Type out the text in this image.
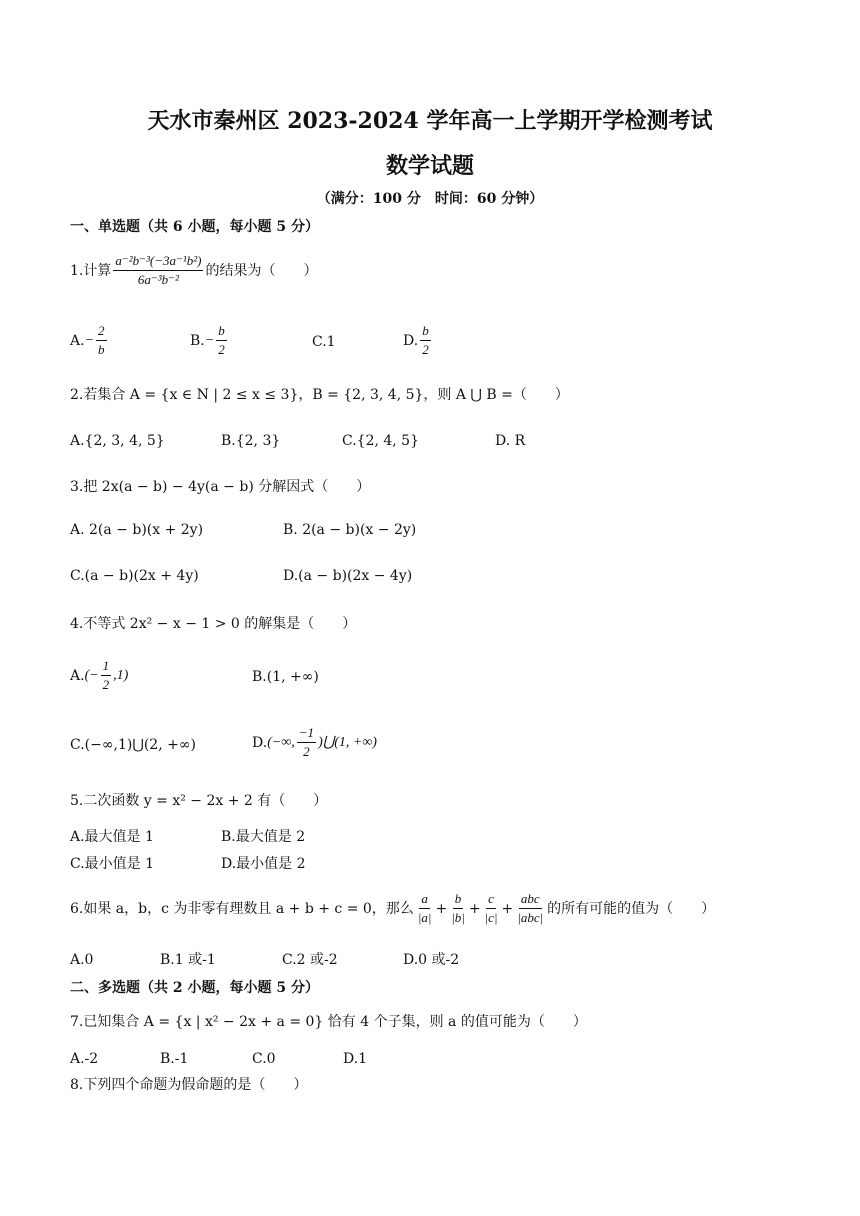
天水市秦州区 2023-2024 学年高一上学期开学检测考试
数学试题
（满分：100 分　时间：60 分钟）
一、单选题（共 6 小题，每小题 5 分）
1.计算 $\frac{\text{a⁻²b⁻³(−3a⁻¹b²)}}{\text{6a⁻³b⁻²}}$ 的结果为（　　）
A. − $\frac{2}{b}$	B. − $\frac{b}{2}$	C. 1	D. $\frac{b}{2}$
2.若集合 A = {x ∈ N | 2 ≤ x ≤ 3}，B = {2, 3, 4, 5}，则 A ⋃ B =（　　）
A.{2, 3, 4, 5}	B.{2, 3}	C.{2, 4, 5}	D. R
3.把 2x(a − b) − 4y(a − b) 分解因式（　　）
A. 2(a − b)(x + 2y)	B. 2(a − b)(x − 2y)
C.(a − b)(2x + 4y)	D.(a − b)(2x − 4y)
4.不等式 2x² − x − 1 > 0 的解集是（　　）
A. (− $\frac{1}{2} ,1$)	B.(1, +∞)
C.(−∞,1)⋃(2, +∞)	D. (−∞, $\frac{-1}{2}$ )⋃(1, +∞)
5.二次函数 y = x² − 2x + 2 有（　　）
A.最大值是 1	B.最大值是 2
C.最小值是 1	D.最小值是 2
6.如果 a，b，c 为非零有理数且 a + b + c = 0，那么 $\frac{a}{|a|} + \frac{b}{|b|} + \frac{c}{|c|} + \frac{\text{abc}}{\text{|abc|}}$ 的所有可能的值为（　　）
A.0	B.1 或-1	C.2 或-2	D.0 或-2
二、多选题（共 2 小题，每小题 5 分）
7.已知集合 A = {x | x² − 2x + a = 0} 恰有 4 个子集，则 a 的值可能为（　　）
A.-2	B.-1	C.0	D.1
8.下列四个命题为假命题的是（　　）
